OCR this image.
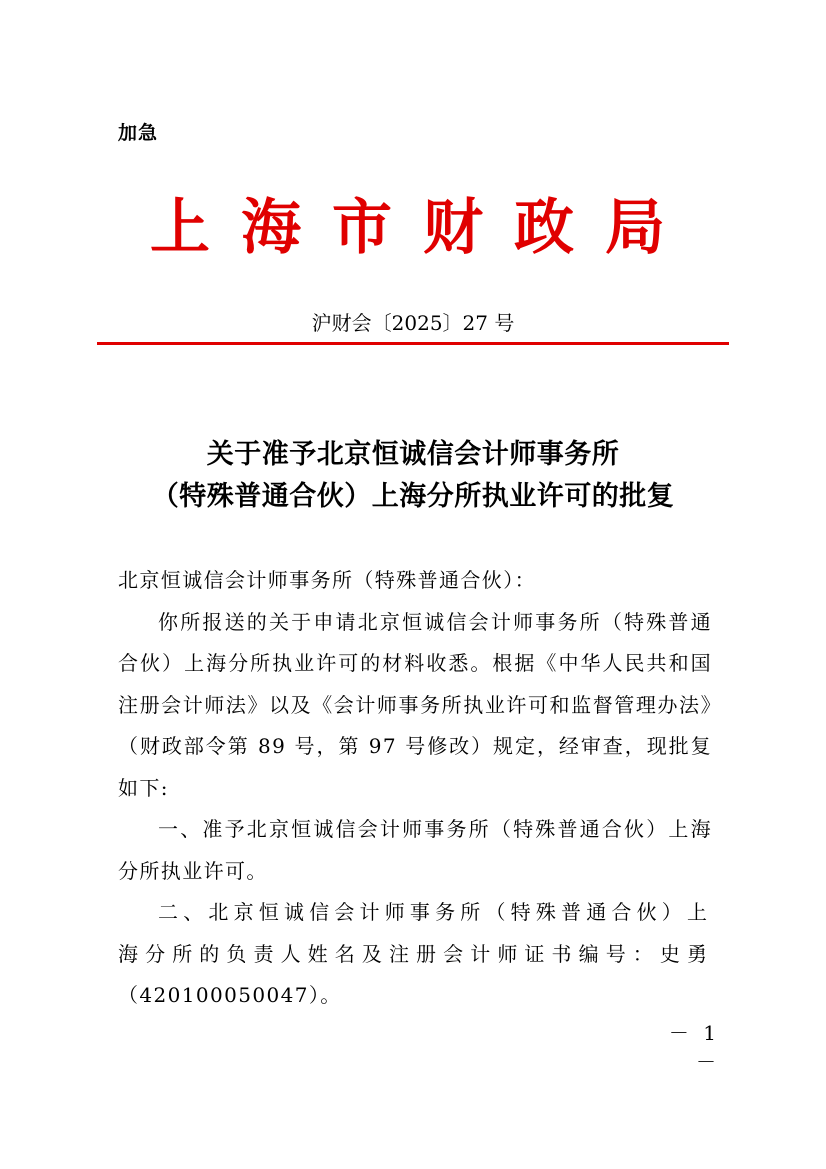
加急
上海市财政局
沪财会〔2025〕27 号
关于准予北京恒诚信会计师事务所
（特殊普通合伙）上海分所执业许可的批复

北京恒诚信会计师事务所（特殊普通合伙）：

你所报送的关于申请北京恒诚信会计师事务所（特殊普通合伙）上海分所执业许可的材料收悉。根据《中华人民共和国注册会计师法》以及《会计师事务所执业许可和监督管理办法》（财政部令第 89 号，第 97 号修改）规定，经审查，现批复如下:

一、准予北京恒诚信会计师事务所（特殊普通合伙）上海分所执业许可。

二、北京恒诚信会计师事务所（特殊普通合伙）上海分所的负责人姓名及注册会计师证书编号：史勇

（420100050047）。

－ 1 －
